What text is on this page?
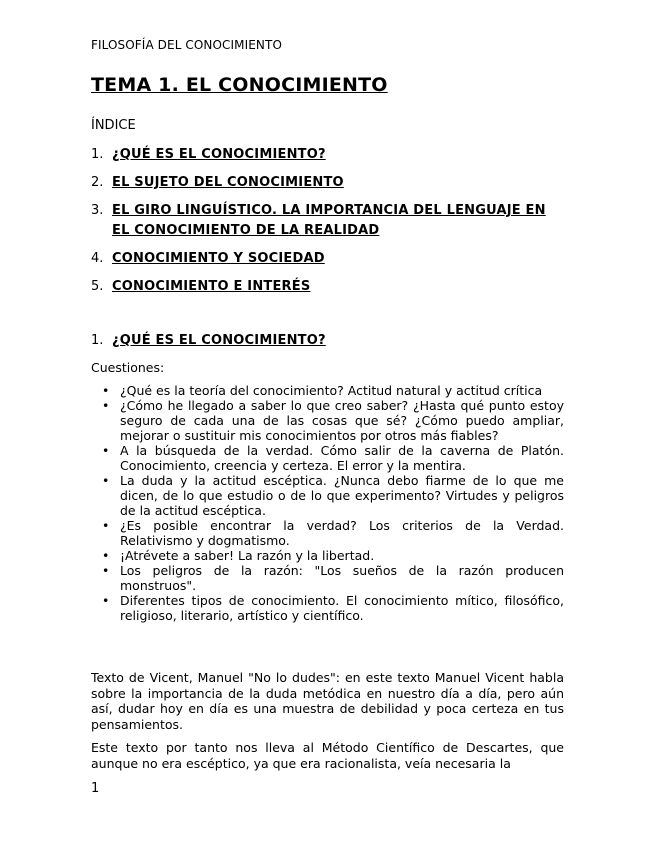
FILOSOFÍA DEL CONOCIMIENTO
TEMA 1. EL CONOCIMIENTO
ÍNDICE
1. ¿QUÉ ES EL CONOCIMIENTO?
2. EL SUJETO DEL CONOCIMIENTO
3. EL GIRO LINGUÍSTICO. LA IMPORTANCIA DEL LENGUAJE EN EL CONOCIMIENTO DE LA REALIDAD
4. CONOCIMIENTO Y SOCIEDAD
5. CONOCIMIENTO E INTERÉS
1. ¿QUÉ ES EL CONOCIMIENTO?
Cuestiones:
• ¿Qué es la teoría del conocimiento? Actitud natural y actitud crítica
• ¿Cómo he llegado a saber lo que creo saber? ¿Hasta qué punto estoy seguro de cada una de las cosas que sé? ¿Cómo puedo ampliar, mejorar o sustituir mis conocimientos por otros más fiables?
• A la búsqueda de la verdad. Cómo salir de la caverna de Platón. Conocimiento, creencia y certeza. El error y la mentira.
• La duda y la actitud escéptica. ¿Nunca debo fiarme de lo que me dicen, de lo que estudio o de lo que experimento? Virtudes y peligros de la actitud escéptica.
• ¿Es posible encontrar la verdad? Los criterios de la Verdad. Relativismo y dogmatismo.
• ¡Atrévete a saber! La razón y la libertad.
• Los peligros de la razón: "Los sueños de la razón producen monstruos".
• Diferentes tipos de conocimiento. El conocimiento mítico, filosófico, religioso, literario, artístico y científico.

Texto de Vicent, Manuel "No lo dudes": en este texto Manuel Vicent habla sobre la importancia de la duda metódica en nuestro día a día, pero aún así, dudar hoy en día es una muestra de debilidad y poca certeza en tus pensamientos.

Este texto por tanto nos lleva al Método Científico de Descartes, que aunque no era escéptico, ya que era racionalista, veía necesaria la

1
